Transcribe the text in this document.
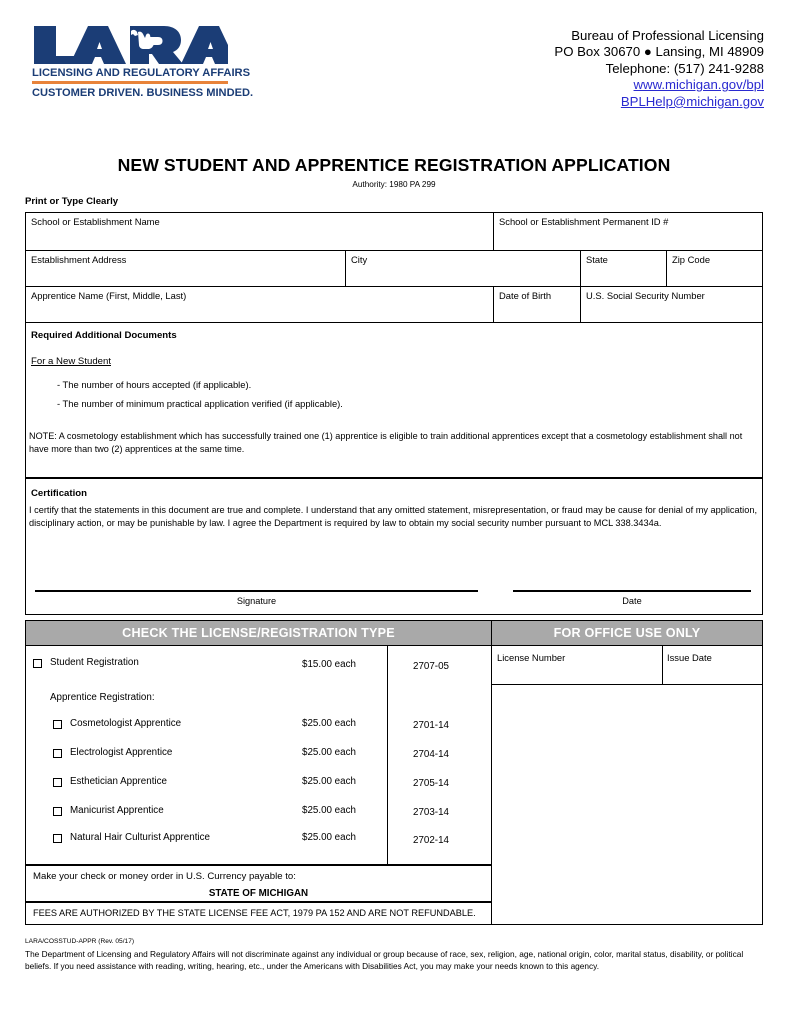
LICENSING AND REGULATORY AFFAIRS
CUSTOMER DRIVEN. BUSINESS MINDED.
Bureau of Professional Licensing
PO Box 30670 ● Lansing, MI 48909
Telephone: (517) 241-9288
www.michigan.gov/bpl
BPLHelp@michigan.gov
NEW STUDENT AND APPRENTICE REGISTRATION APPLICATION
Authority: 1980 PA 299
Print or Type Clearly
School or Establishment Name	School or Establishment Permanent ID #
Establishment Address	City	State	Zip Code
Apprentice Name (First, Middle, Last)	Date of Birth	U.S. Social Security Number
Required Additional Documents
For a New Student
- The number of hours accepted (if applicable).
- The number of minimum practical application verified (if applicable).
NOTE: A cosmetology establishment which has successfully trained one (1) apprentice is eligible to train additional apprentices except that a cosmetology establishment shall not have more than two (2) apprentices at the same time.
Certification
I certify that the statements in this document are true and complete. I understand that any omitted statement, misrepresentation, or fraud may be cause for denial of my application, disciplinary action, or may be punishable by law. I agree the Department is required by law to obtain my social security number pursuant to MCL 338.3434a.
Signature	Date
CHECK THE LICENSE/REGISTRATION TYPE	FOR OFFICE USE ONLY
Student Registration	$15.00 each	2707-05
Apprentice Registration:
Cosmetologist Apprentice	$25.00 each	2701-14
Electrologist Apprentice	$25.00 each	2704-14
Esthetician Apprentice	$25.00 each	2705-14
Manicurist Apprentice	$25.00 each	2703-14
Natural Hair Culturist Apprentice	$25.00 each	2702-14
License Number	Issue Date
Make your check or money order in U.S. Currency payable to:
STATE OF MICHIGAN
FEES ARE AUTHORIZED BY THE STATE LICENSE FEE ACT, 1979 PA 152 AND ARE NOT REFUNDABLE.
LARA/COSSTUD-APPR (Rev. 05/17)
The Department of Licensing and Regulatory Affairs will not discriminate against any individual or group because of race, sex, religion, age, national origin, color, marital status, disability, or political beliefs. If you need assistance with reading, writing, hearing, etc., under the Americans with Disabilities Act, you may make your needs known to this agency.
